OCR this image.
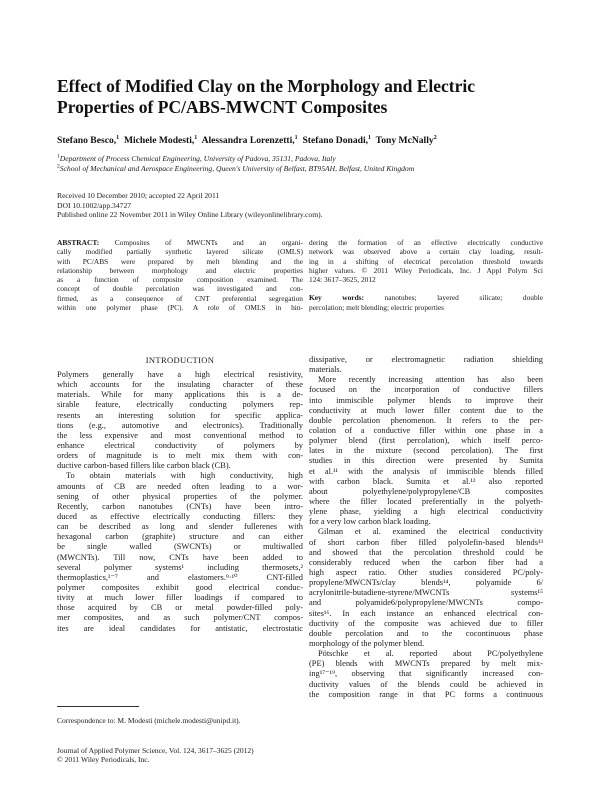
Effect of Modified Clay on the Morphology and Electric
Properties of PC/ABS-MWCNT Composites
Stefano Besco,$^1$ Michele Modesti,$^1$ Alessandra Lorenzetti,$^1$ Stefano Donadi,$^1$ Tony McNally$^2$
$^1$Department of Process Chemical Engineering, University of Padova, 35131, Padova, Italy
$^2$School of Mechanical and Aerospace Engineering, Queen's University of Belfast, BT95AH, Belfast, United Kingdom
Received 10 December 2010; accepted 22 April 2011
DOI 10.1002/app.34727
Published online 22 November 2011 in Wiley Online Library (wileyonlinelibrary.com).
ABSTRACT: Composites of MWCNTs and an organi-
cally modified partially synthetic layered silicate (OMLS)
with PC/ABS were prepared by melt blending and the
relationship between morphology and electric properties
as a function of composite composition examined. The
concept of double percolation was investigated and con-
firmed, as a consequence of CNT preferential segregation
within one polymer phase (PC). A role of OMLS in hin-
dering the formation of an effective electrically conductive
network was observed above a certain clay loading, result-
ing in a shifting of electrical percolation threshold towards
higher values. © 2011 Wiley Periodicals, Inc. J Appl Polym Sci
124: 3617–3625, 2012
Key words: nanotubes; layered silicate; double
percolation; melt blending; electric properties
INTRODUCTION
Polymers generally have a high electrical resistivity,
which accounts for the insulating character of these
materials. While for many applications this is a de-
sirable feature, electrically conducting polymers rep-
resents an interesting solution for specific applica-
tions (e.g., automotive and electronics). Traditionally
the less expensive and most conventional method to
enhance electrical conductivity of polymers by
orders of magnitude is to melt mix them with con-
ductive carbon-based fillers like carbon black (CB).
To obtain materials with high conductivity, high
amounts of CB are needed often leading to a wor-
sening of other physical properties of the polymer.
Recently, carbon nanotubes (CNTs) have been intro-
duced as effective electrically conducting fillers: they
can be described as long and slender fullerenes with
hexagonal carbon (graphite) structure and can either
be single walled (SWCNTs) or multiwalled
(MWCNTs). Till now, CNTs have been added to
several polymer systems¹ including thermosets,²
thermoplastics,³⁻⁷ and elastomers.⁹·¹⁰ CNT-filled
polymer composites exhibit good electrical conduc-
tivity at much lower filler loadings if compared to
those acquired by CB or metal powder-filled poly-
mer composites, and as such polymer/CNT compos-
ites are ideal candidates for antistatic, electrostatic
dissipative, or electromagnetic radiation shielding
materials.
More recently increasing attention has also been
focused on the incorporation of conductive fillers
into immiscible polymer blends to improve their
conductivity at much lower filler content due to the
double percolation phenomenon. It refers to the per-
colation of a conductive filler within one phase in a
polymer blend (first percolation), which itself perco-
lates in the mixture (second percolation). The first
studies in this direction were presented by Sumita
et al.¹¹ with the analysis of immiscible blends filled
with carbon black. Sumita et al.¹² also reported
about polyethylene/polypropylene/CB composites
where the filler located preferentially in the polyeth-
ylene phase, yielding a high electrical conductivity
for a very low carbon black loading.
Gilman et al. examined the electrical conductivity
of short carbon fiber filled polyolefin-based blends¹³
and showed that the percolation threshold could be
considerably reduced when the carbon fiber had a
high aspect ratio. Other studies considered PC/poly-
propylene/MWCNTs/clay blends¹⁴, polyamide 6/
acrylonitrile-butadiene-styrene/MWCNTs systems¹⁵
and polyamide6/polypropylene/MWCNTs compo-
sites¹⁶. In each instance an enhanced electrical con-
ductivity of the composite was achieved due to filler
double percolation and to the cocontinuous phase
morphology of the polymer blend.
Pötschke et al. reported about PC/polyethylene
(PE) blends with MWCNTs prepared by melt mix-
ing¹⁷⁻¹⁹, observing that significantly increased con-
ductivity values of the blends could be achieved in
the composition range in that PC forms a continuous
Correspondence to: M. Modesti (michele.modesti@unipd.it).
Journal of Applied Polymer Science, Vol. 124, 3617–3625 (2012)
© 2011 Wiley Periodicals, Inc.
